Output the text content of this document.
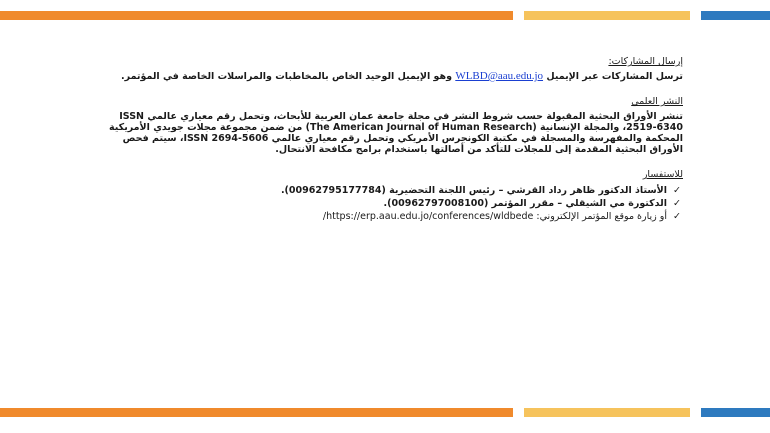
إرسال المشاركات:

ترسل المشاركات عبر الإيميل WLBD@aau.edu.jo وهو الإيميل الوحيد الخاص بالمخاطبات والمراسلات الخاصة في المؤتمر.

النشر العلمي

تنشر الأوراق البحثية المقبولة حسب شروط النشر في مجلة جامعة عمان العربية للأبحاث، وتحمل رقم معياري عالمي ISSN 2519-6340، والمجلة الإنسانية (The American Journal of Human Research) من ضمن مجموعة مجلات جويدي الأمريكية المحكمة والمفهرسة والمسجلة في مكتبة الكونجرس الأمريكي وتحمل رقم معياري عالمي ISSN 2694-5606، سيتم فحص الأوراق البحثية المقدمة إلى للمجلات للتأكد من أصالتها باستخدام برامج مكافحة الانتحال.

للاستفسار
✓
الأستاذ الدكتور ظاهر رداد القرشي – رئيس اللجنة التحضيرية (00962795177784).
✓
الدكتورة مي الشيقلي – مقرر المؤتمر (00962797008100).
✓
أو زيارة موقع المؤتمر الإلكتروني: https://erp.aau.edu.jo/conferences/wldbede/
